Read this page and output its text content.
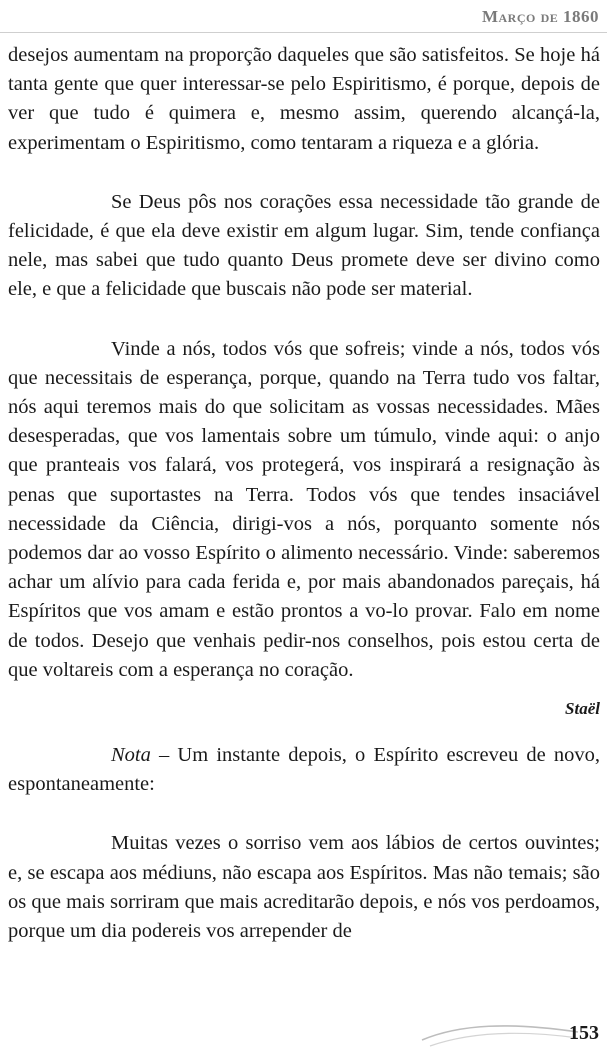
Março de 1860

desejos aumentam na proporção daqueles que são satisfeitos. Se hoje há tanta gente que quer interessar-se pelo Espiritismo, é porque, depois de ver que tudo é quimera e, mesmo assim, querendo alcançá-la, experimentam o Espiritismo, como tentaram a riqueza e a glória.

Se Deus pôs nos corações essa necessidade tão grande de felicidade, é que ela deve existir em algum lugar. Sim, tende confiança nele, mas sabei que tudo quanto Deus promete deve ser divino como ele, e que a felicidade que buscais não pode ser material.

Vinde a nós, todos vós que sofreis; vinde a nós, todos vós que necessitais de esperança, porque, quando na Terra tudo vos faltar, nós aqui teremos mais do que solicitam as vossas necessidades. Mães desesperadas, que vos lamentais sobre um túmulo, vinde aqui: o anjo que pranteais vos falará, vos protegerá, vos inspirará a resignação às penas que suportastes na Terra. Todos vós que tendes insaciável necessidade da Ciência, dirigi-vos a nós, porquanto somente nós podemos dar ao vosso Espírito o alimento necessário. Vinde: saberemos achar um alívio para cada ferida e, por mais abandonados pareçais, há Espíritos que vos amam e estão prontos a vo-lo provar. Falo em nome de todos. Desejo que venhais pedir-nos conselhos, pois estou certa de que voltareis com a esperança no coração.

Staël

Nota – Um instante depois, o Espírito escreveu de novo, espontaneamente:

Muitas vezes o sorriso vem aos lábios de certos ouvintes; e, se escapa aos médiuns, não escapa aos Espíritos. Mas não temais; são os que mais sorriram que mais acreditarão depois, e nós vos perdoamos, porque um dia podereis vos arrepender de

153
